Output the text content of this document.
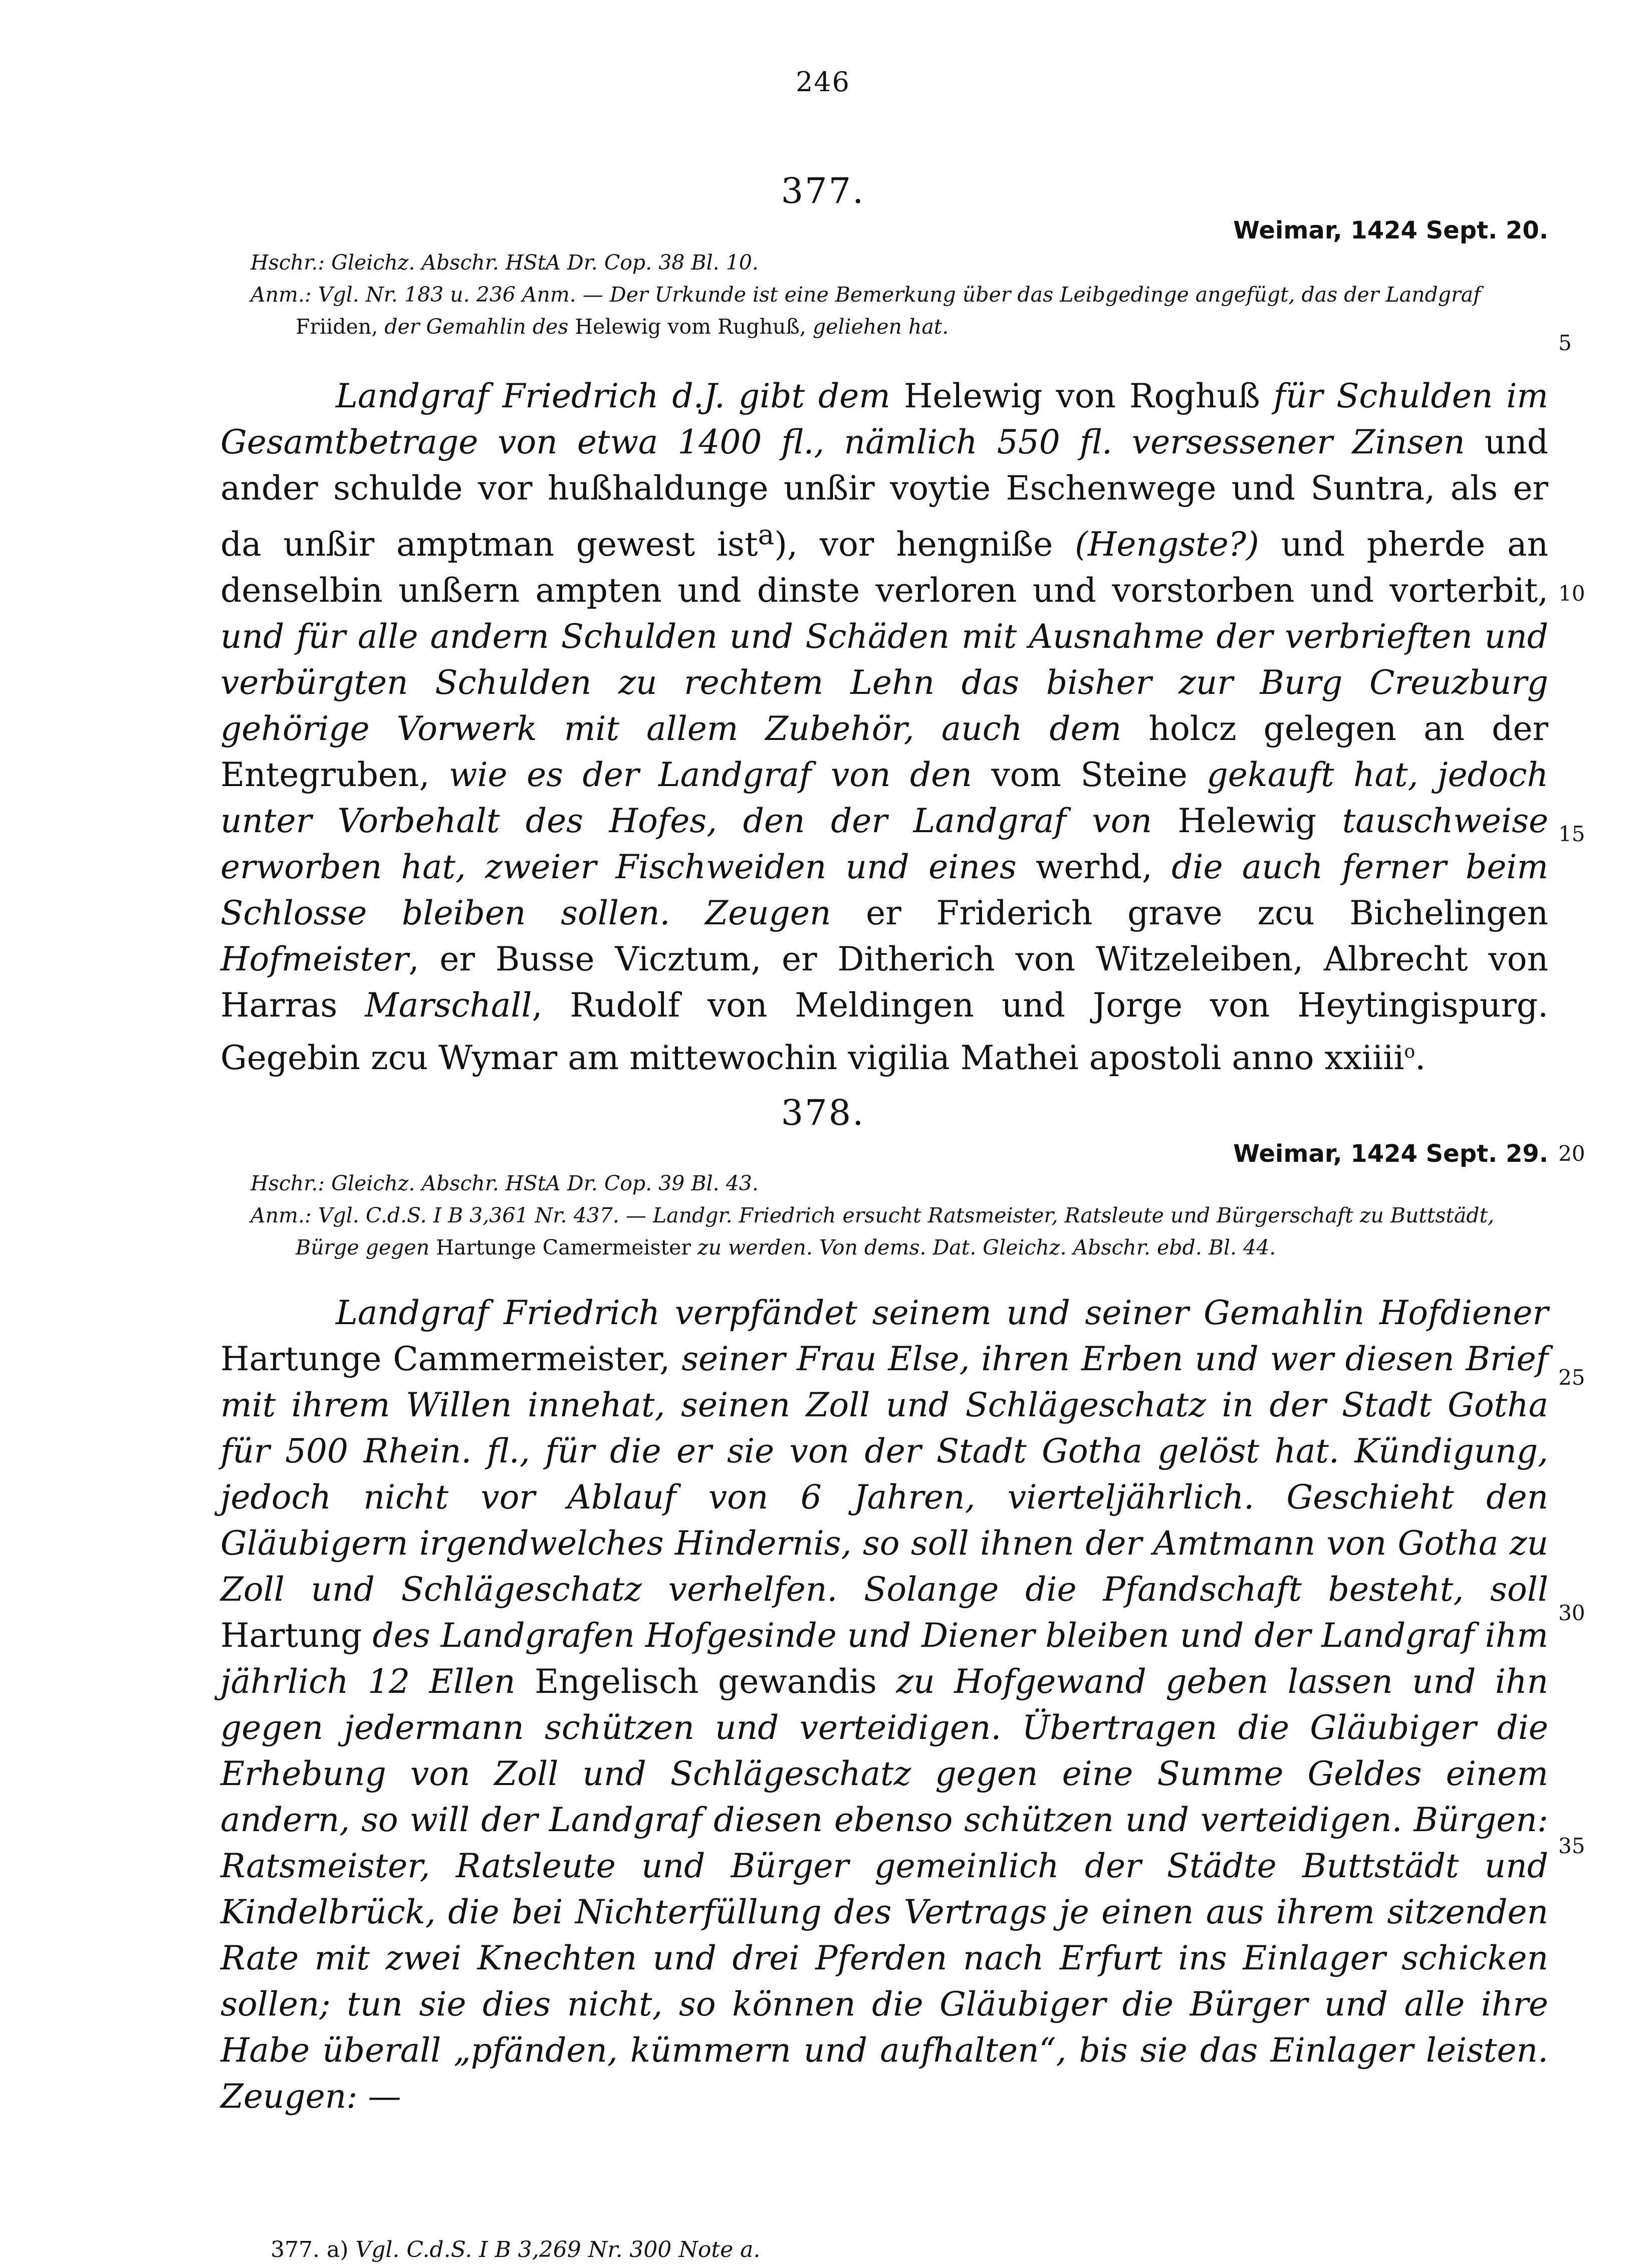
246
377.
Weimar, 1424 Sept. 20.

Hschr.: Gleichz. Abschr. HStA Dr. Cop. 38 Bl. 10.

Anm.: Vgl. Nr. 183 u. 236 Anm. — Der Urkunde ist eine Bemerkung über das Leibgedinge angefügt, das der Landgraf Friiden, der Gemahlin des Helewig vom Rughuß, geliehen hat.

5

Landgraf Friedrich d.J. gibt dem Helewig von Roghuß für Schulden im Gesamtbetrage von etwa 1400 fl., nämlich 550 fl. versessener Zinsen und ander schulde vor hußhaldunge unßir voytie Eschenwege und Suntra, als er da unßir amptman gewest ist$^a$), vor hengniße (Hengste?) und pherde an denselbin unßern ampten und dinste verloren und vorstorben und vorterbit, und für alle andern Schulden und Schäden mit Ausnahme der verbrieften und verbürgten Schulden zu rechtem Lehn das bisher zur Burg Creuzburg gehörige Vorwerk mit allem Zubehör, auch dem holcz gelegen an der Entegruben, wie es der Landgraf von den vom Steine gekauft hat, jedoch unter Vorbehalt des Hofes, den der Landgraf von Helewig tauschweise erworben hat, zweier Fischweiden und eines werhd, die auch ferner beim Schlosse bleiben sollen. Zeugen er Friderich grave zcu Bichelingen Hofmeister, er Busse Vicztum, er Ditherich von Witzeleiben, Albrecht von Harras Marschall, Rudolf von Meldingen und Jorge von Heytingispurg. Gegebin zcu Wymar am mittewochin vigilia Mathei apostoli anno xxiiii$^o$.

10
15
378.
Weimar, 1424 Sept. 29. 20

Hschr.: Gleichz. Abschr. HStA Dr. Cop. 39 Bl. 43.

Anm.: Vgl. C.d.S. I B 3,361 Nr. 437. — Landgr. Friedrich ersucht Ratsmeister, Ratsleute und Bürgerschaft zu Buttstädt, Bürge gegen Hartunge Camermeister zu werden. Von dems. Dat. Gleichz. Abschr. ebd. Bl. 44.

Landgraf Friedrich verpfändet seinem und seiner Gemahlin Hofdiener Hartunge Cammermeister, seiner Frau Else, ihren Erben und wer diesen Brief mit ihrem Willen innehat, seinen Zoll und Schlägeschatz in der Stadt Gotha für 500 Rhein. fl., für die er sie von der Stadt Gotha gelöst hat. Kündigung, jedoch nicht vor Ablauf von 6 Jahren, vierteljährlich. Geschieht den Gläubigern irgendwelches Hindernis, so soll ihnen der Amtmann von Gotha zu Zoll und Schlägeschatz verhelfen. Solange die Pfandschaft besteht, soll Hartung des Landgrafen Hofgesinde und Diener bleiben und der Landgraf ihm jährlich 12 Ellen Engelisch gewandis zu Hofgewand geben lassen und ihn gegen jedermann schützen und verteidigen. Übertragen die Gläubiger die Erhebung von Zoll und Schlägeschatz gegen eine Summe Geldes einem andern, so will der Landgraf diesen ebenso schützen und verteidigen. Bürgen: Ratsmeister, Ratsleute und Bürger gemeinlich der Städte Buttstädt und Kindelbrück, die bei Nichterfüllung des Vertrags je einen aus ihrem sitzenden Rate mit zwei Knechten und drei Pferden nach Erfurt ins Einlager schicken sollen; tun sie dies nicht, so können die Gläubiger die Bürger und alle ihre Habe überall „pfänden, kümmern und aufhalten“, bis sie das Einlager leisten. Zeugen: —

25
30
35
377. a) Vgl. C.d.S. I B 3,269 Nr. 300 Note a.
